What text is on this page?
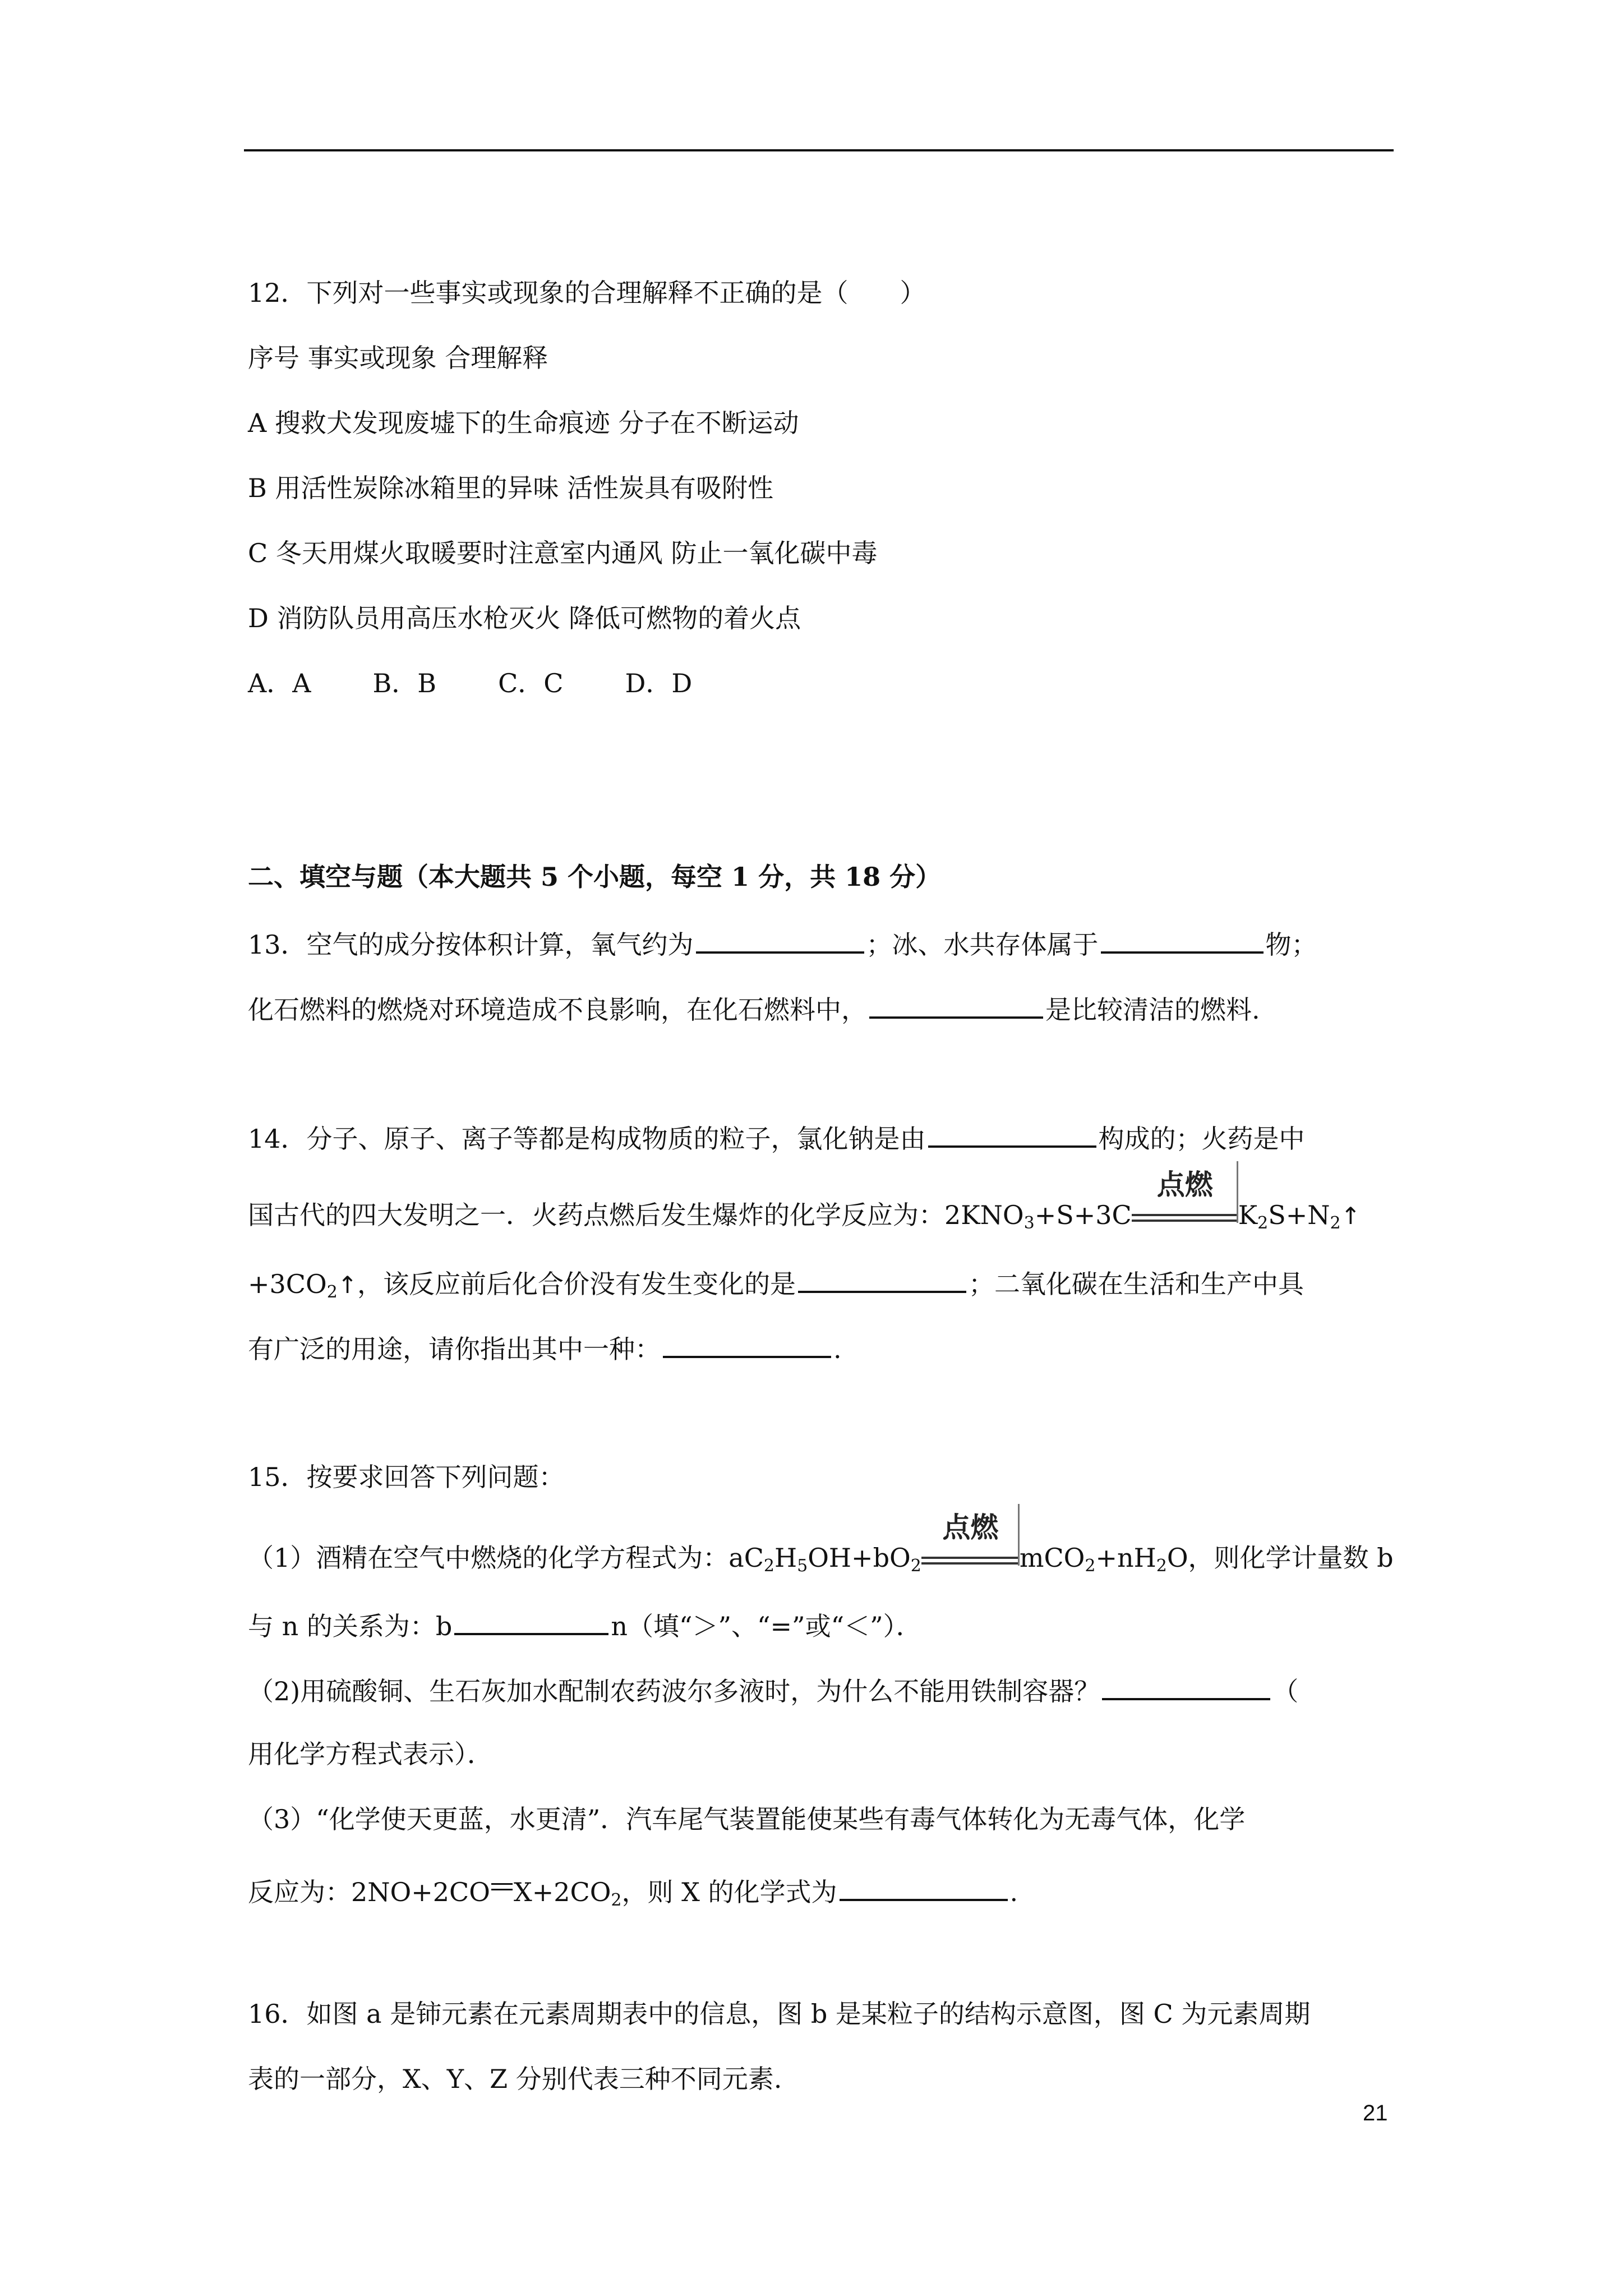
12．下列对一些事实或现象的合理解释不正确的是（　　）
序号 事实或现象 合理解释
A 搜救犬发现废墟下的生命痕迹 分子在不断运动
B 用活性炭除冰箱里的异味 活性炭具有吸附性
C 冬天用煤火取暖要时注意室内通风 防止一氧化碳中毒
D 消防队员用高压水枪灭火 降低可燃物的着火点
A．A B．B C．C D．D
二、填空与题（本大题共 5 个小题，每空 1 分，共 18 分）
13．空气的成分按体积计算，氧气约为	；冰、水共存体属于	物；
化石燃料的燃烧对环境造成不良影响，在化石燃料中，	是比较清洁的燃料.
14．分子、原子、离子等都是构成物质的粒子，氯化钠是由	构成的；火药是中
国古代的四大发明之一．火药点燃后发生爆炸的化学反应为：$2KNO_3+S+3C$
点燃
$K_2S+N_2↑$
$+3CO_2↑$，该反应前后化合价没有发生变化的是	；二氧化碳在生活和生产中具
有广泛的用途，请你指出其中一种：	.
15．按要求回答下列问题：
（1）酒精在空气中燃烧的化学方程式为：$aC_2H_5OH+bO_2$
点燃
$mCO_2+nH_2O$，则化学计量数 b
与 n 的关系为：b	n（填“＞”、“=”或“＜”）．
（2)用硫酸铜、生石灰加水配制农药波尔多液时，为什么不能用铁制容器？	（
用化学方程式表示）．
（3）“化学使天更蓝，水更清”．汽车尾气装置能使某些有毒气体转化为无毒气体，化学
反应为：2NO+2CO $X+2CO_2$，则 X 的化学式为	.
16．如图 a 是铈元素在元素周期表中的信息，图 b 是某粒子的结构示意图，图 C 为元素周期
表的一部分，X、Y、Z 分别代表三种不同元素.
21
